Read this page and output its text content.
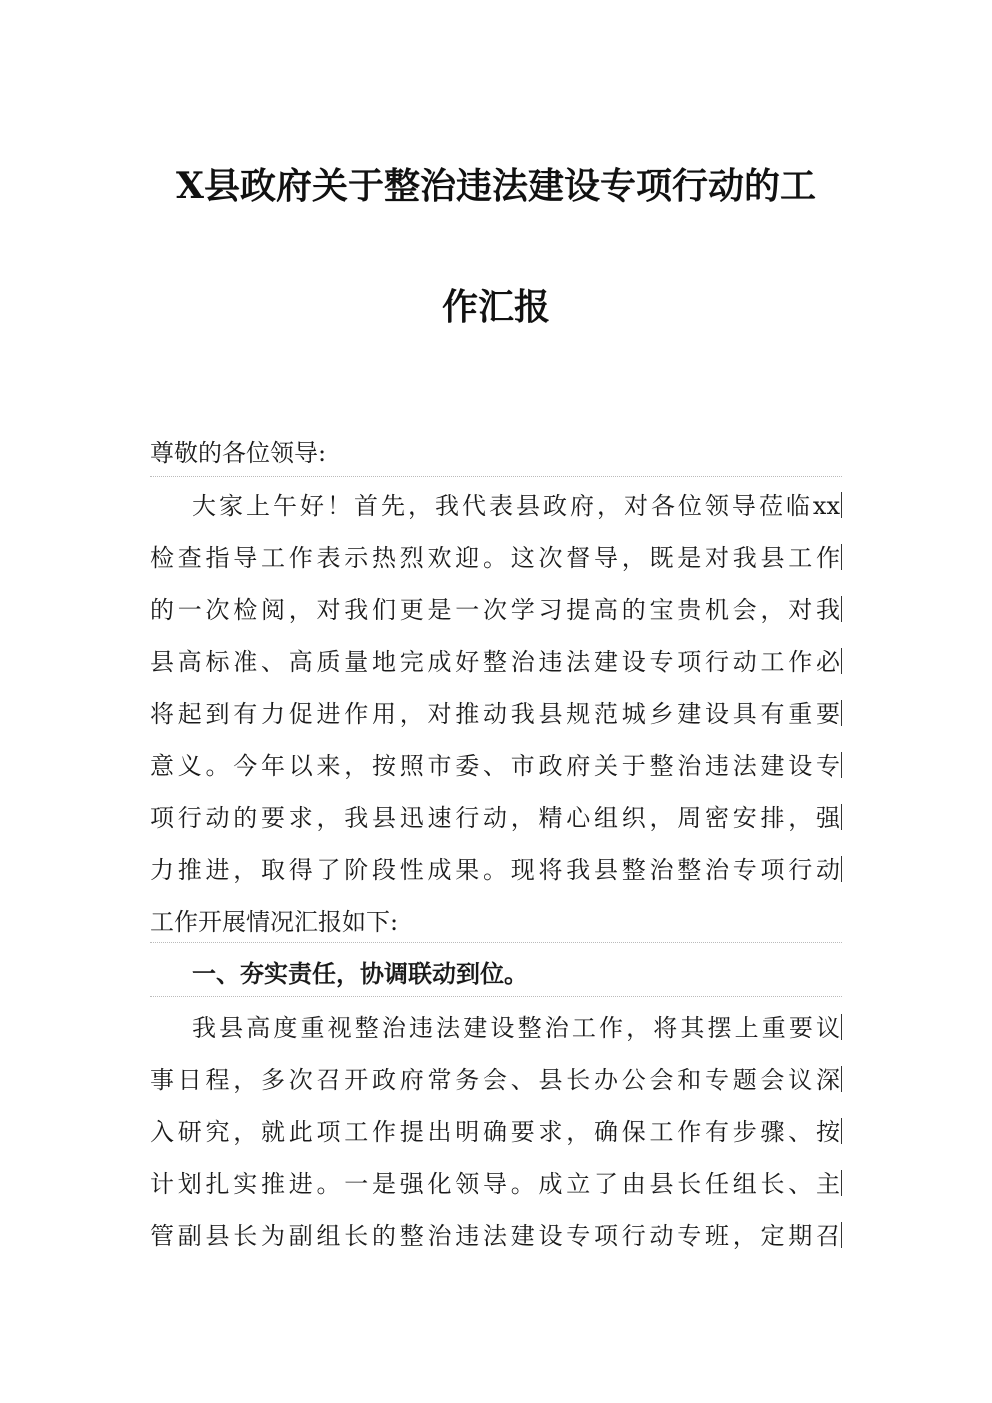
X县政府关于整治违法建设专项行动的工
作汇报
尊敬的各位领导:
大家上午好！首先，我代表县政府，对各位领导莅临xx
检查指导工作表示热烈欢迎。这次督导，既是对我县工作
的一次检阅，对我们更是一次学习提高的宝贵机会，对我
县高标准、高质量地完成好整治违法建设专项行动工作必
将起到有力促进作用，对推动我县规范城乡建设具有重要
意义。今年以来，按照市委、市政府关于整治违法建设专
项行动的要求，我县迅速行动，精心组织，周密安排，强
力推进，取得了阶段性成果。现将我县整治整治专项行动
工作开展情况汇报如下:
一、夯实责任，协调联动到位。
我县高度重视整治违法建设整治工作，将其摆上重要议
事日程，多次召开政府常务会、县长办公会和专题会议深
入研究，就此项工作提出明确要求，确保工作有步骤、按
计划扎实推进。一是强化领导。成立了由县长任组长、主
管副县长为副组长的整治违法建设专项行动专班，定期召
